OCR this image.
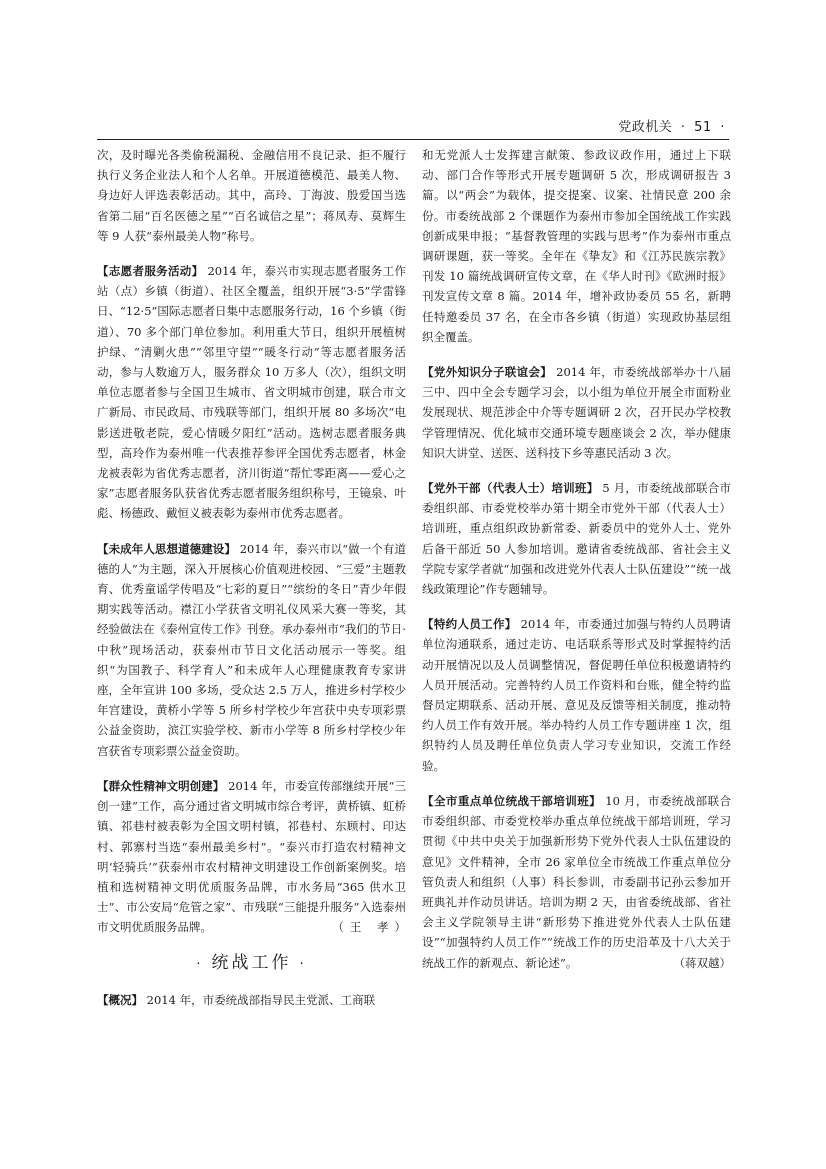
党政机关 · 51 ·

次，及时曝光各类偷税漏税、金融信用不良记录、拒不履行执行义务企业法人和个人名单。开展道德模范、最美人物、身边好人评选表彰活动。其中，高玲、丁海波、殷爱国当选省第二届“百名医德之星”“百名诚信之星”；蒋凤寿、莫辉生等 9 人获“泰州最美人物”称号。

【志愿者服务活动】 2014 年，泰兴市实现志愿者服务工作站（点）乡镇（街道）、社区全覆盖，组织开展“3·5”学雷锋日、“12·5”国际志愿者日集中志愿服务行动，16 个乡镇（街道）、70 多个部门单位参加。利用重大节日，组织开展植树护绿、“清剿火患”“邻里守望”“暖冬行动”等志愿者服务活动，参与人数逾万人，服务群众 10 万多人（次），组织文明单位志愿者参与全国卫生城市、省文明城市创建，联合市文广新局、市民政局、市残联等部门，组织开展 80 多场次“电影送进敬老院，爱心情暖夕阳红”活动。选树志愿者服务典型，高玲作为泰州唯一代表推荐参评全国优秀志愿者，林金龙被表彰为省优秀志愿者，济川街道“帮忙零距离——爱心之家”志愿者服务队获省优秀志愿者服务组织称号，王镜泉、叶彪、杨德政、戴恒义被表彰为泰州市优秀志愿者。

【未成年人思想道德建设】 2014 年，泰兴市以“做一个有道德的人”为主题，深入开展核心价值观进校园、“三爱”主题教育、优秀童谣学传唱及“七彩的夏日”“缤纷的冬日”青少年假期实践等活动。襟江小学获省文明礼仪风采大赛一等奖，其经验做法在《泰州宣传工作》刊登。承办泰州市“我们的节日·中秋”现场活动，获泰州市节日文化活动展示一等奖。组织“为国教子、科学育人”和未成年人心理健康教育专家讲座，全年宣讲 100 多场，受众达 2.5 万人，推进乡村学校少年宫建设，黄桥小学等 5 所乡村学校少年宫获中央专项彩票公益金资助，滨江实验学校、新市小学等 8 所乡村学校少年宫获省专项彩票公益金资助。

【群众性精神文明创建】 2014 年，市委宣传部继续开展“三创一建”工作，高分通过省文明城市综合考评，黄桥镇、虹桥镇、祁巷村被表彰为全国文明村镇，祁巷村、东顾村、印达村、郭寨村当选“泰州最美乡村”。“泰兴市打造农村精神文明‘轻骑兵’”获泰州市农村精神文明建设工作创新案例奖。培植和选树精神文明优质服务品牌，市水务局“365 供水卫士”、市公安局“危管之家”、市残联“三能提升服务”入选泰州市文明优质服务品牌。	（王 孝）

· 统战工作 ·

【概况】 2014 年，市委统战部指导民主党派、工商联

和无党派人士发挥建言献策、参政议政作用，通过上下联动、部门合作等形式开展专题调研 5 次，形成调研报告 3 篇。以“两会”为载体，提交提案、议案、社情民意 200 余份。市委统战部 2 个课题作为泰州市参加全国统战工作实践创新成果申报；“基督教管理的实践与思考”作为泰州市重点调研课题，获一等奖。全年在《挚友》和《江苏民族宗教》刊发 10 篇统战调研宣传文章，在《华人时刊》《欧洲时报》刊发宣传文章 8 篇。2014 年，增补政协委员 55 名，新聘任特邀委员 37 名，在全市各乡镇（街道）实现政协基层组织全覆盖。

【党外知识分子联谊会】 2014 年，市委统战部举办十八届三中、四中全会专题学习会，以小组为单位开展全市面粉业发展现状、规范涉企中介等专题调研 2 次，召开民办学校教学管理情况、优化城市交通环境专题座谈会 2 次，举办健康知识大讲堂、送医、送科技下乡等惠民活动 3 次。

【党外干部（代表人士）培训班】 5 月，市委统战部联合市委组织部、市委党校举办第十期全市党外干部（代表人士）培训班，重点组织政协新常委、新委员中的党外人士、党外后备干部近 50 人参加培训。邀请省委统战部、省社会主义学院专家学者就“加强和改进党外代表人士队伍建设”“统一战线政策理论”作专题辅导。

【特约人员工作】 2014 年，市委通过加强与特约人员聘请单位沟通联系，通过走访、电话联系等形式及时掌握特约活动开展情况以及人员调整情况，督促聘任单位积极邀请特约人员开展活动。完善特约人员工作资料和台账，健全特约监督员定期联系、活动开展、意见及反馈等相关制度，推动特约人员工作有效开展。举办特约人员工作专题讲座 1 次，组织特约人员及聘任单位负责人学习专业知识，交流工作经验。

【全市重点单位统战干部培训班】 10 月，市委统战部联合市委组织部、市委党校举办重点单位统战干部培训班，学习贯彻《中共中央关于加强新形势下党外代表人士队伍建设的意见》文件精神，全市 26 家单位全市统战工作重点单位分管负责人和组织（人事）科长参训，市委副书记孙云参加开班典礼并作动员讲话。培训为期 2 天，由省委统战部、省社会主义学院领导主讲“新形势下推进党外代表人士队伍建设”“加强特约人员工作”“统战工作的历史沿革及十八大关于统战工作的新观点、新论述”。	（蒋双越）
